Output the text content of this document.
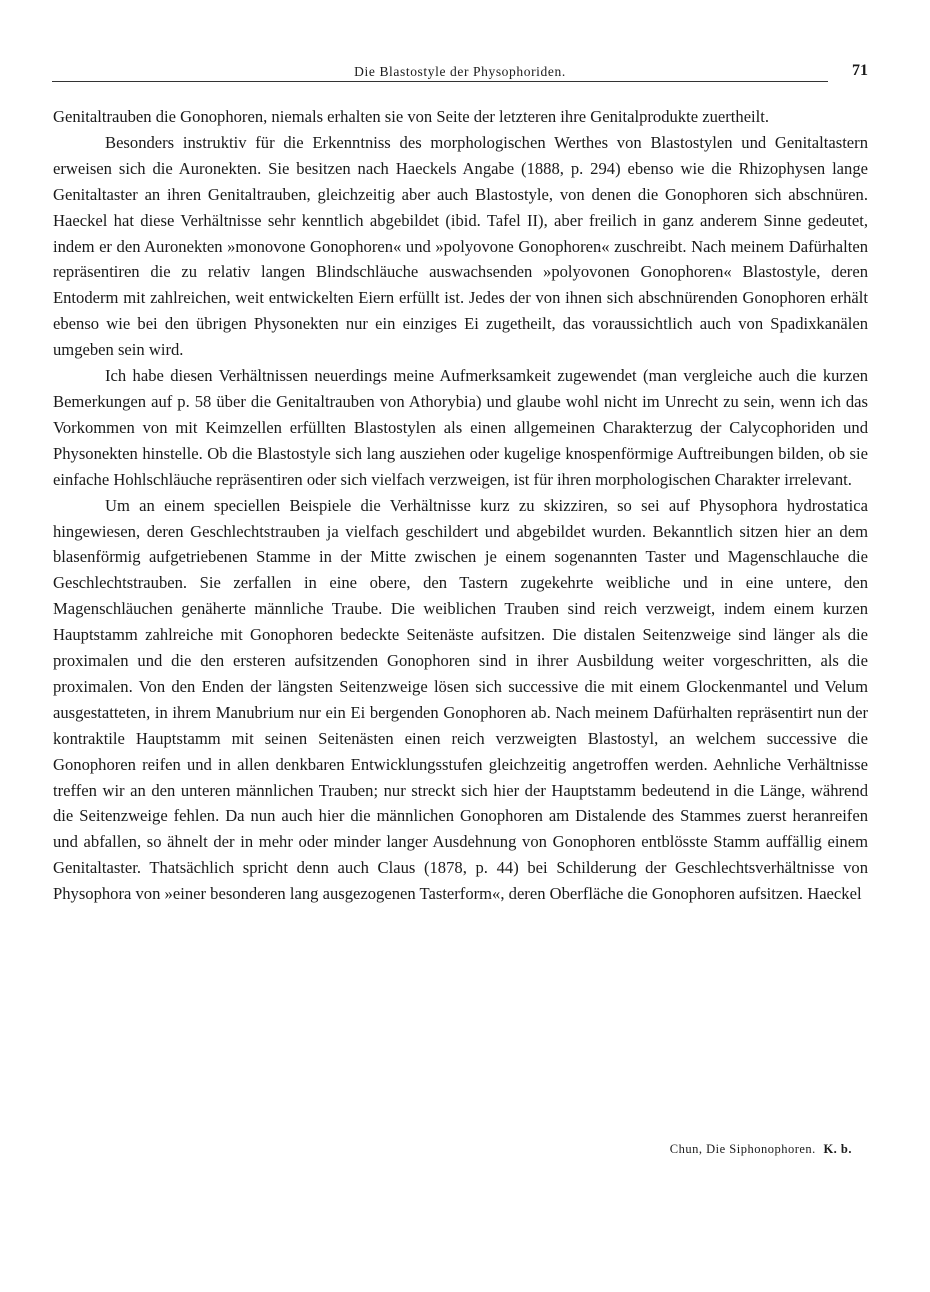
Die Blastostyle der Physophoriden.	71

Genitaltrauben die Gonophoren, niemals erhalten sie von Seite der letzteren ihre Genitalprodukte zuertheilt.

Besonders instruktiv für die Erkenntniss des morphologischen Werthes von Blastostylen und Genitaltastern erweisen sich die Auronekten. Sie besitzen nach Haeckels Angabe (1888, p. 294) ebenso wie die Rhizophysen lange Genitaltaster an ihren Genitaltrauben, gleichzeitig aber auch Blastostyle, von denen die Gonophoren sich abschnüren. Haeckel hat diese Verhältnisse sehr kenntlich abgebildet (ibid. Tafel II), aber freilich in ganz anderem Sinne gedeutet, indem er den Auronekten »monovone Gonophoren« und »polyovone Gonophoren« zuschreibt. Nach meinem Dafürhalten repräsentiren die zu relativ langen Blindschläuche auswachsenden »polyovonen Gonophoren« Blastostyle, deren Entoderm mit zahlreichen, weit entwickelten Eiern erfüllt ist. Jedes der von ihnen sich abschnürenden Gonophoren erhält ebenso wie bei den übrigen Physonekten nur ein einziges Ei zugetheilt, das voraussichtlich auch von Spadixkanälen umgeben sein wird.

Ich habe diesen Verhältnissen neuerdings meine Aufmerksamkeit zugewendet (man vergleiche auch die kurzen Bemerkungen auf p. 58 über die Genitaltrauben von Athorybia) und glaube wohl nicht im Unrecht zu sein, wenn ich das Vorkommen von mit Keimzellen erfüllten Blastostylen als einen allgemeinen Charakterzug der Calycophoriden und Physonekten hinstelle. Ob die Blastostyle sich lang ausziehen oder kugelige knospenförmige Auftreibungen bilden, ob sie einfache Hohlschläuche repräsentiren oder sich vielfach verzweigen, ist für ihren morphologischen Charakter irrelevant.

Um an einem speciellen Beispiele die Verhältnisse kurz zu skizziren, so sei auf Physophora hydrostatica hingewiesen, deren Geschlechtstrauben ja vielfach geschildert und abgebildet wurden. Bekanntlich sitzen hier an dem blasenförmig aufgetriebenen Stamme in der Mitte zwischen je einem sogenannten Taster und Magenschlauche die Geschlechtstrauben. Sie zerfallen in eine obere, den Tastern zugekehrte weibliche und in eine untere, den Magenschläuchen genäherte männliche Traube. Die weiblichen Trauben sind reich verzweigt, indem einem kurzen Hauptstamm zahlreiche mit Gonophoren bedeckte Seitenäste aufsitzen. Die distalen Seitenzweige sind länger als die proximalen und die den ersteren aufsitzenden Gonophoren sind in ihrer Ausbildung weiter vorgeschritten, als die proximalen. Von den Enden der längsten Seitenzweige lösen sich successive die mit einem Glockenmantel und Velum ausgestatteten, in ihrem Manubrium nur ein Ei bergenden Gonophoren ab. Nach meinem Dafürhalten repräsentirt nun der kontraktile Hauptstamm mit seinen Seitenästen einen reich verzweigten Blastostyl, an welchem successive die Gonophoren reifen und in allen denkbaren Entwicklungsstufen gleichzeitig angetroffen werden. Aehnliche Verhältnisse treffen wir an den unteren männlichen Trauben; nur streckt sich hier der Hauptstamm bedeutend in die Länge, während die Seitenzweige fehlen. Da nun auch hier die männlichen Gonophoren am Distalende des Stammes zuerst heranreifen und abfallen, so ähnelt der in mehr oder minder langer Ausdehnung von Gonophoren entblösste Stamm auffällig einem Genitaltaster. Thatsächlich spricht denn auch Claus (1878, p. 44) bei Schilderung der Geschlechtsverhältnisse von Physophora von »einer besonderen lang ausgezogenen Tasterform«, deren Oberfläche die Gonophoren aufsitzen. Haeckel

Chun, Die Siphonophoren. K. b.
